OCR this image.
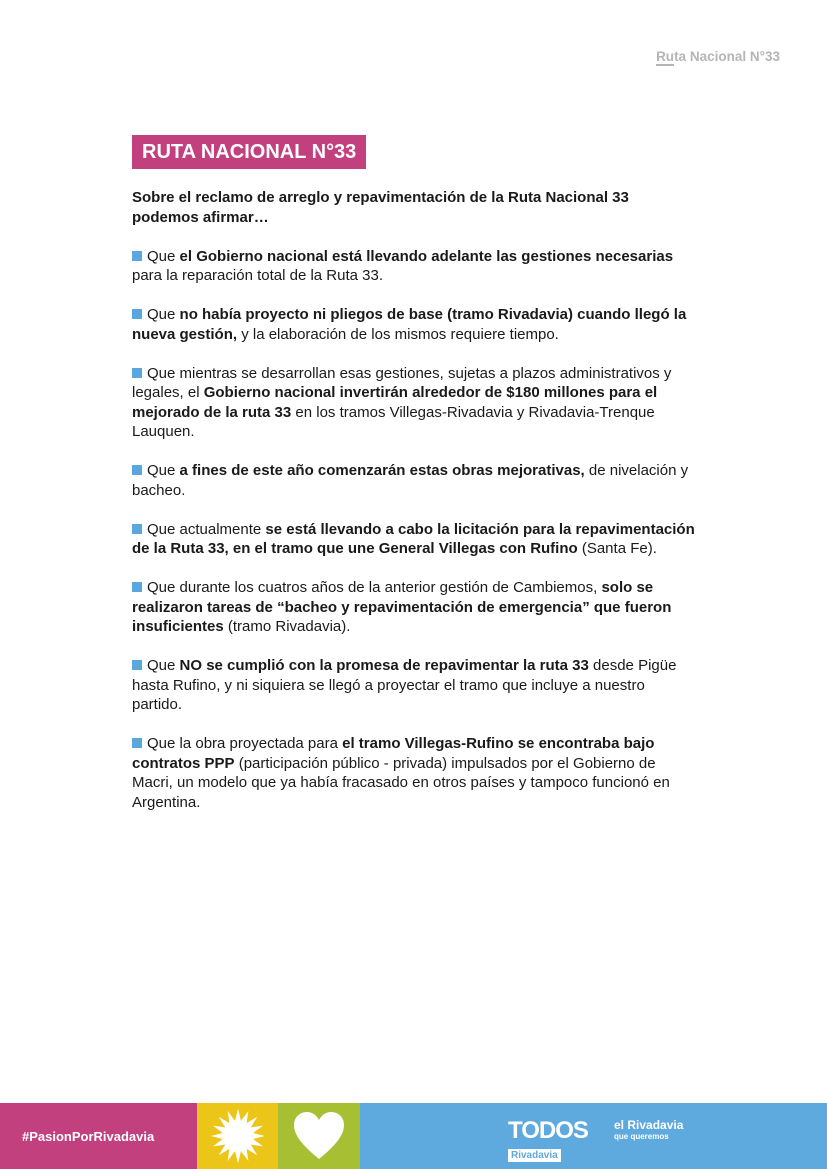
Ruta Nacional N°33
RUTA NACIONAL N°33

Sobre el reclamo de arreglo y repavimentación de la Ruta Nacional 33 podemos afirmar…

Que el Gobierno nacional está llevando adelante las gestiones necesarias para la reparación total de la Ruta 33.

Que no había proyecto ni pliegos de base (tramo Rivadavia) cuando llegó la nueva gestión, y la elaboración de los mismos requiere tiempo.

Que mientras se desarrollan esas gestiones, sujetas a plazos administrativos y legales, el Gobierno nacional invertirán alrededor de $180 millones para el mejorado de la ruta 33 en los tramos Villegas-Rivadavia y Rivadavia-Trenque Lauquen.

Que a fines de este año comenzarán estas obras mejorativas, de nivelación y bacheo.

Que actualmente se está llevando a cabo la licitación para la repavimentación de la Ruta 33, en el tramo que une General Villegas con Rufino (Santa Fe).

Que durante los cuatros años de la anterior gestión de Cambiemos, solo se realizaron tareas de “bacheo y repavimentación de emergencia” que fueron insuficientes (tramo Rivadavia).

Que NO se cumplió con la promesa de repavimentar la ruta 33 desde Pigüe hasta Rufino, y ni siquiera se llegó a proyectar el tramo que incluye a nuestro partido.

Que la obra proyectada para el tramo Villegas-Rufino se encontraba bajo contratos PPP (participación público - privada) impulsados por el Gobierno de Macri, un modelo que ya había fracasado en otros países y tampoco funcionó en Argentina.

#PasionPorRivadavia	TODOS
Rivadavia
el Rivadavia
que queremos
